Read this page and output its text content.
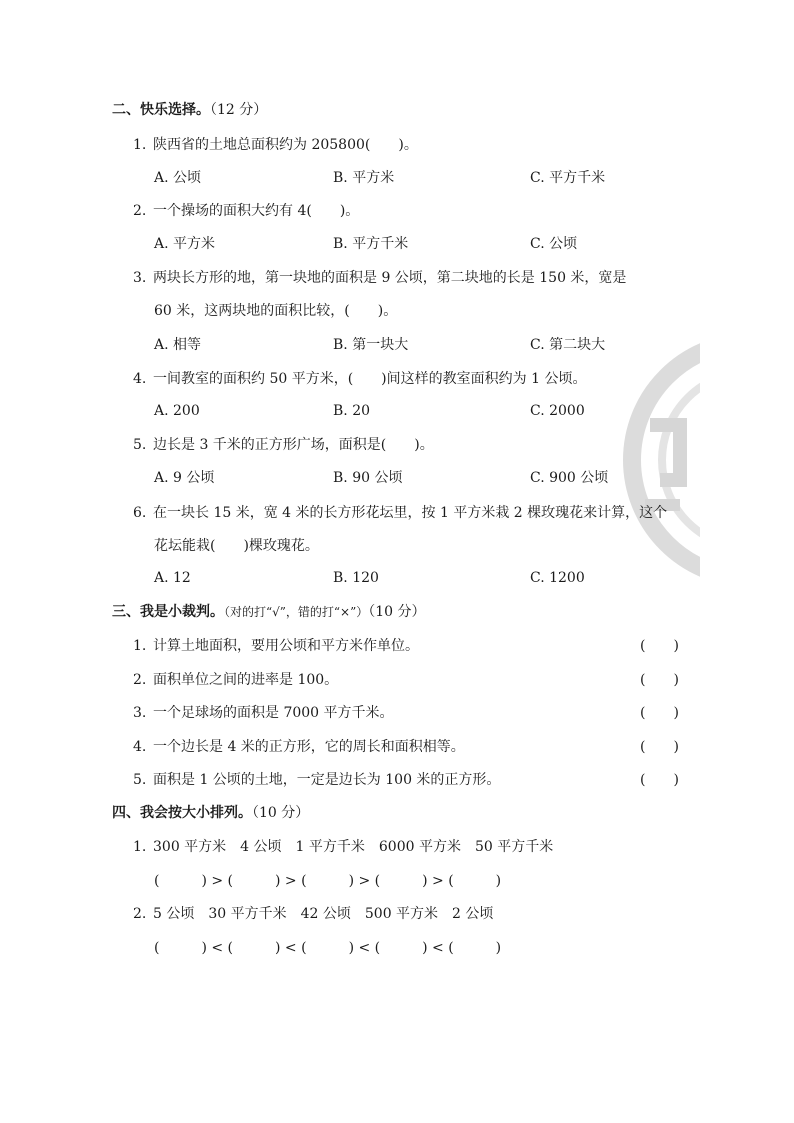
二、快乐选择。（12 分）
1. 陕西省的土地总面积约为 205800(　　)。
A. 公顷	B. 平方米	C. 平方千米
2. 一个操场的面积大约有 4(　　)。
A. 平方米	B. 平方千米	C. 公顷
3. 两块长方形的地，第一块地的面积是 9 公顷，第二块地的长是 150 米，宽是
60 米，这两块地的面积比较，(　　)。
A. 相等	B. 第一块大	C. 第二块大
4. 一间教室的面积约 50 平方米，(　　)间这样的教室面积约为 1 公顷。
A. 200	B. 20	C. 2000
5. 边长是 3 千米的正方形广场，面积是(　　)。
A. 9 公顷	B. 90 公顷	C. 900 公顷
6. 在一块长 15 米，宽 4 米的长方形花坛里，按 1 平方米栽 2 棵玫瑰花来计算，这个
花坛能栽(　　)棵玫瑰花。
A. 12	B. 120	C. 1200
三、我是小裁判。（对的打“√”，错的打“×”）（10 分）
1. 计算土地面积，要用公顷和平方米作单位。	(　　)
2. 面积单位之间的进率是 100。	(　　)
3. 一个足球场的面积是 7000 平方千米。	(　　)
4. 一个边长是 4 米的正方形，它的周长和面积相等。	(　　)
5. 面积是 1 公顷的土地，一定是边长为 100 米的正方形。	(　　)
四、我会按大小排列。（10 分）
1. 300 平方米　4 公顷　1 平方千米　6000 平方米　50 平方千米
(　　　) > (　　　) > (　　　) > (　　　) > (　　　)
2. 5 公顷　30 平方千米　42 公顷　500 平方米　2 公顷
(　　　) < (　　　) < (　　　) < (　　　) < (　　　)
